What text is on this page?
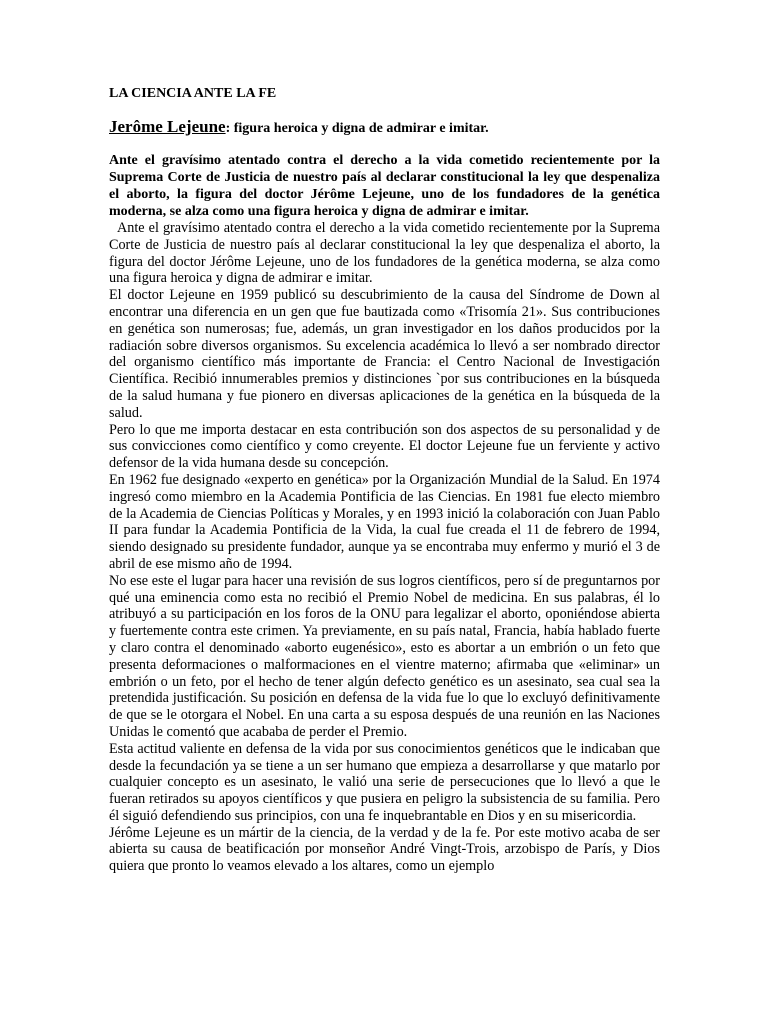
LA CIENCIA ANTE LA FE
Jerôme Lejeune: figura heroica y digna de admirar e imitar.

Ante el gravísimo atentado contra el derecho a la vida cometido recientemente por la Suprema Corte de Justicia de nuestro país al declarar constitucional la ley que despenaliza el aborto, la figura del doctor Jérôme Lejeune, uno de los fundadores de la genética moderna, se alza como una figura heroica y digna de admirar e imitar.

Ante el gravísimo atentado contra el derecho a la vida cometido recientemente por la Suprema Corte de Justicia de nuestro país al declarar constitucional la ley que despenaliza el aborto, la figura del doctor Jérôme Lejeune, uno de los fundadores de la genética moderna, se alza como una figura heroica y digna de admirar e imitar.

El doctor Lejeune en 1959 publicó su descubrimiento de la causa del Síndrome de Down al encontrar una diferencia en un gen que fue bautizada como «Trisomía 21». Sus contribuciones en genética son numerosas; fue, además, un gran investigador en los daños producidos por la radiación sobre diversos organismos. Su excelencia académica lo llevó a ser nombrado director del organismo científico más importante de Francia: el Centro Nacional de Investigación Científica. Recibió innumerables premios y distinciones `por sus contribuciones en la búsqueda de la salud humana y fue pionero en diversas aplicaciones de la genética en la búsqueda de la salud.

Pero lo que me importa destacar en esta contribución son dos aspectos de su personalidad y de sus convicciones como científico y como creyente. El doctor Lejeune fue un ferviente y activo defensor de la vida humana desde su concepción.

En 1962 fue designado «experto en genética» por la Organización Mundial de la Salud. En 1974 ingresó como miembro en la Academia Pontificia de las Ciencias. En 1981 fue electo miembro de la Academia de Ciencias Políticas y Morales, y en 1993 inició la colaboración con Juan Pablo II para fundar la Academia Pontificia de la Vida, la cual fue creada el 11 de febrero de 1994, siendo designado su presidente fundador, aunque ya se encontraba muy enfermo y murió el 3 de abril de ese mismo año de 1994.

No ese este el lugar para hacer una revisión de sus logros científicos, pero sí de preguntarnos por qué una eminencia como esta no recibió el Premio Nobel de medicina. En sus palabras, él lo atribuyó a su participación en los foros de la ONU para legalizar el aborto, oponiéndose abierta y fuertemente contra este crimen. Ya previamente, en su país natal, Francia, había hablado fuerte y claro contra el denominado «aborto eugenésico», esto es abortar a un embrión o un feto que presenta deformaciones o malformaciones en el vientre materno; afirmaba que «eliminar» un embrión o un feto, por el hecho de tener algún defecto genético es un asesinato, sea cual sea la pretendida justificación. Su posición en defensa de la vida fue lo que lo excluyó definitivamente de que se le otorgara el Nobel. En una carta a su esposa después de una reunión en las Naciones Unidas le comentó que acababa de perder el Premio.

Esta actitud valiente en defensa de la vida por sus conocimientos genéticos que le indicaban que desde la fecundación ya se tiene a un ser humano que empieza a desarrollarse y que matarlo por cualquier concepto es un asesinato, le valió una serie de persecuciones que lo llevó a que le fueran retirados su apoyos científicos y que pusiera en peligro la subsistencia de su familia. Pero él siguió defendiendo sus principios, con una fe inquebrantable en Dios y en su misericordia.

Jérôme Lejeune es un mártir de la ciencia, de la verdad y de la fe. Por este motivo acaba de ser abierta su causa de beatificación por monseñor André Vingt-Trois, arzobispo de París, y Dios quiera que pronto lo veamos elevado a los altares, como un ejemplo
